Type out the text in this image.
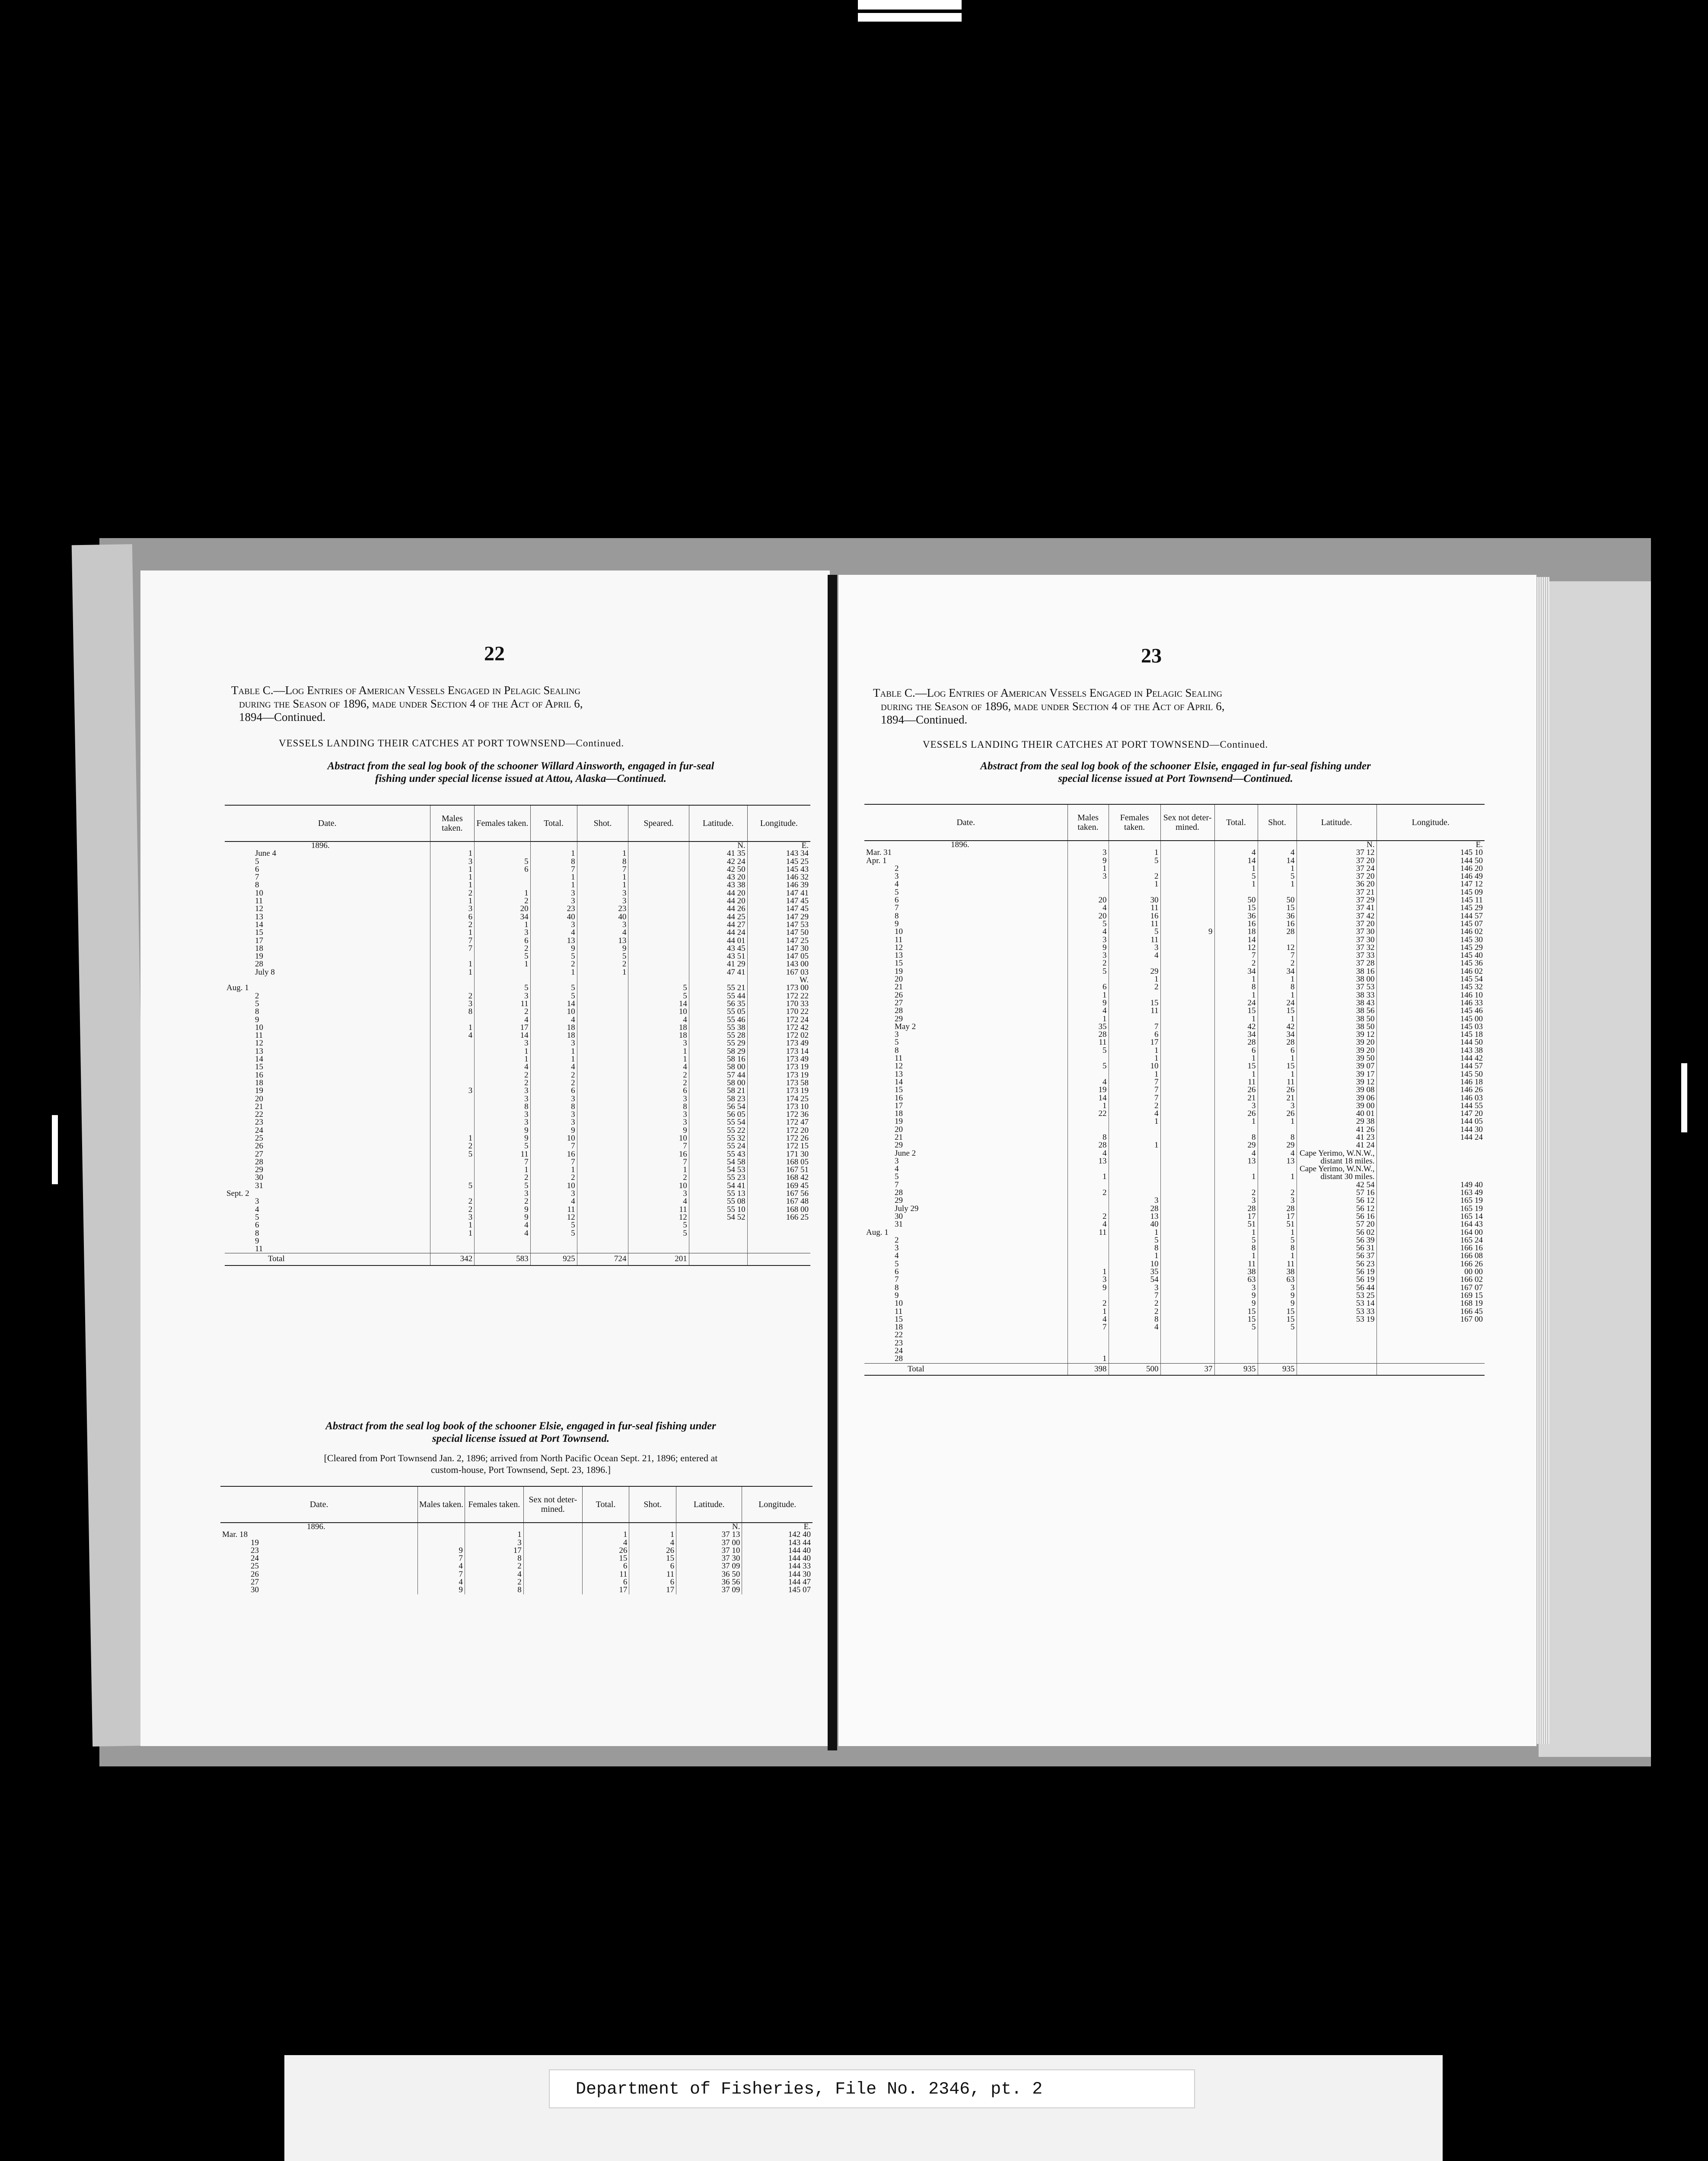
22
Table C.—Log Entries of American Vessels Engaged in Pelagic Sealing
during the Season of 1896, made under Section 4 of the Act of April 6,
1894—Continued.
VESSELS LANDING THEIR CATCHES AT PORT TOWNSEND—Continued.
Abstract from the seal log book of the schooner Willard Ainsworth, engaged in fur-seal
fishing under special license issued at Attou, Alaska—Continued.
Date.	Males taken.	Females taken.	Total.	Shot.	Speared.	Latitude.	Longitude.
1896.						N.	E.
June 4	1		1	1		41 35	143 34
5	3	5	8	8		42 24	145 25
6	1	6	7	7		42 50	145 43
7	1		1	1		43 20	146 32
8	1		1	1		43 38	146 39
10	2	1	3	3		44 20	147 41
11	1	2	3	3		44 20	147 45
12	3	20	23	23		44 26	147 45
13	6	34	40	40		44 25	147 29
14	2	1	3	3		44 27	147 53
15	1	3	4	4		44 24	147 50
17	7	6	13	13		44 01	147 25
18	7	2	9	9		43 45	147 30
19		5	5	5		43 51	147 05
28	1	1	2	2		41 29	143 00
July 8	1		1	1		47 41	167 03
							W.
Aug. 1		5	5		5	55 21	173 00
2	2	3	5		5	55 44	172 22
5	3	11	14		14	56 35	170 33
8	8	2	10		10	55 05	170 22
9		4	4		4	55 46	172 24
10	1	17	18		18	55 38	172 42
11	4	14	18		18	55 28	172 02
12		3	3		3	55 29	173 49
13		1	1		1	58 29	173 14
14		1	1		1	58 16	173 49
15		4	4		4	58 00	173 19
16		2	2		2	57 44	173 19
18		2	2		2	58 00	173 58
19	3	3	6		6	58 21	173 19
20		3	3		3	58 23	174 25
21		8	8		8	56 54	173 10
22		3	3		3	56 05	172 36
23		3	3		3	55 54	172 47
24		9	9		9	55 22	172 20
25	1	9	10		10	55 32	172 26
26	2	5	7		7	55 24	172 15
27	5	11	16		16	55 43	171 30
28		7	7		7	54 58	168 05
29		1	1		1	54 53	167 51
30		2	2		2	55 23	168 42
31	5	5	10		10	54 41	169 45
Sept. 2		3	3		3	55 13	167 56
3	2	2	4		4	55 08	167 48
4	2	9	11		11	55 10	168 00
5	3	9	12		12	54 52	166 25
6	1	4	5		5		
8	1	4	5		5		
9							
11							
Total	342	583	925	724	201		
Abstract from the seal log book of the schooner Elsie, engaged in fur-seal fishing under
special license issued at Port Townsend.
[Cleared from Port Townsend Jan. 2, 1896; arrived from North Pacific Ocean Sept. 21, 1896; entered at
custom-house, Port Townsend, Sept. 23, 1896.]
Date.	Males taken.	Females taken.	Sex not deter-mined.	Total.	Shot.	Latitude.	Longitude.
1896.						N.	E.
Mar. 18		1		1	1	37 13	142 40
19		3		4	4	37 00	143 44
23	9	17		26	26	37 10	144 40
24	7	8		15	15	37 30	144 40
25	4	2		6	6	37 09	144 33
26	7	4		11	11	36 50	144 30
27	4	2		6	6	36 56	144 47
30	9	8		17	17	37 09	145 07
23
Table C.—Log Entries of American Vessels Engaged in Pelagic Sealing
during the Season of 1896, made under Section 4 of the Act of April 6,
1894—Continued.
VESSELS LANDING THEIR CATCHES AT PORT TOWNSEND—Continued.
Abstract from the seal log book of the schooner Elsie, engaged in fur-seal fishing under
special license issued at Port Townsend—Continued.
Date.	Males taken.	Females taken.	Sex not deter-mined.	Total.	Shot.	Latitude.	Longitude.
1896.						N.	E.
Mar. 31	3	1		4	4	37 12	145 10
Apr. 1	9	5		14	14	37 20	144 50
2	1			1	1	37 24	146 20
3	3	2		5	5	37 20	146 49
4		1		1	1	36 20	147 12
5						37 21	145 09
6	20	30		50	50	37 29	145 11
7	4	11		15	15	37 41	145 29
8	20	16		36	36	37 42	144 57
9	5	11		16	16	37 20	145 07
10	4	5	9	18	28	37 30	146 02
11	3	11		14		37 30	145 30
12	9	3		12	12	37 32	145 29
13	3	4		7	7	37 33	145 40
15	2			2	2	37 28	145 36
19	5	29		34	34	38 16	146 02
20		1		1	1	38 00	145 54
21	6	2		8	8	37 53	145 32
26	1			1	1	38 33	146 10
27	9	15		24	24	38 43	146 33
28	4	11		15	15	38 56	145 46
29	1			1	1	38 50	145 00
May 2	35	7		42	42	38 50	145 03
3	28	6		34	34	39 12	145 18
5	11	17		28	28	39 20	144 50
8	5	1		6	6	39 20	143 38
11		1		1	1	39 50	144 42
12	5	10		15	15	39 07	144 57
13		1		1	1	39 17	145 50
14	4	7		11	11	39 12	146 18
15	19	7		26	26	39 08	146 26
16	14	7		21	21	39 06	146 03
17	1	2		3	3	39 00	144 55
18	22	4		26	26	40 01	147 20
19		1		1	1	29 38	144 05
20						41 26	144 30
21	8			8	8	41 23	144 24
29	28	1		29	29	41 24	
June 2	4			4	4	Cape Yerimo, W.N.W.,	
3	13			13	13	distant 18 miles.	
4						Cape Yerimo, W.N.W.,	
5	1			1	1	distant 30 miles.	
7						42 54	149 40
28	2			2	2	57 16	163 49
29		3		3	3	56 12	165 19
July 29		28		28	28	56 12	165 19
30	2	13		17	17	56 16	165 14
31	4	40		51	51	57 20	164 43
Aug. 1	11	1		1	1	56 02	164 00
2		5		5	5	56 39	165 24
3		8		8	8	56 31	166 16
4		1		1	1	56 37	166 08
5		10		11	11	56 23	166 26
6	1	35		38	38	56 19	00 00
7	3	54		63	63	56 19	166 02
8	9	3		3	3	56 44	167 07
9		7		9	9	53 25	169 15
10	2	2		9	9	53 14	168 19
11	1	2		15	15	53 33	166 45
15	4	8		15	15	53 19	167 00
18	7	4		5	5		
22							
23							
24							
28	1						
Total	398	500	37	935	935		
Department of Fisheries, File No. 2346, pt. 2
